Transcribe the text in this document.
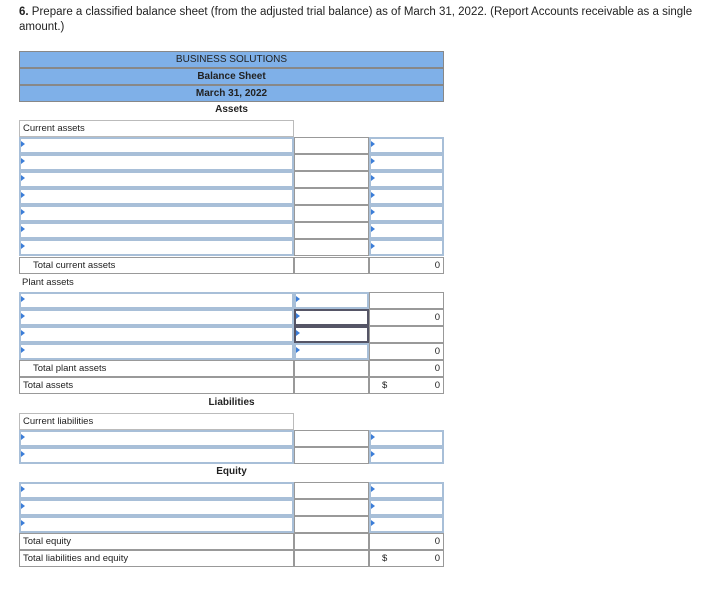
6. Prepare a classified balance sheet (from the adjusted trial balance) as of March 31, 2022. (Report Accounts receivable as a single amount.)
BUSINESS SOLUTIONS
Balance Sheet
March 31, 2022
Assets
Current assets
Total current assets	0
Plant assets
0
0
Total plant assets	0
Total assets	$	0
Liabilities
Current liabilities
Equity
Total equity	0
Total liabilities and equity	$	0
